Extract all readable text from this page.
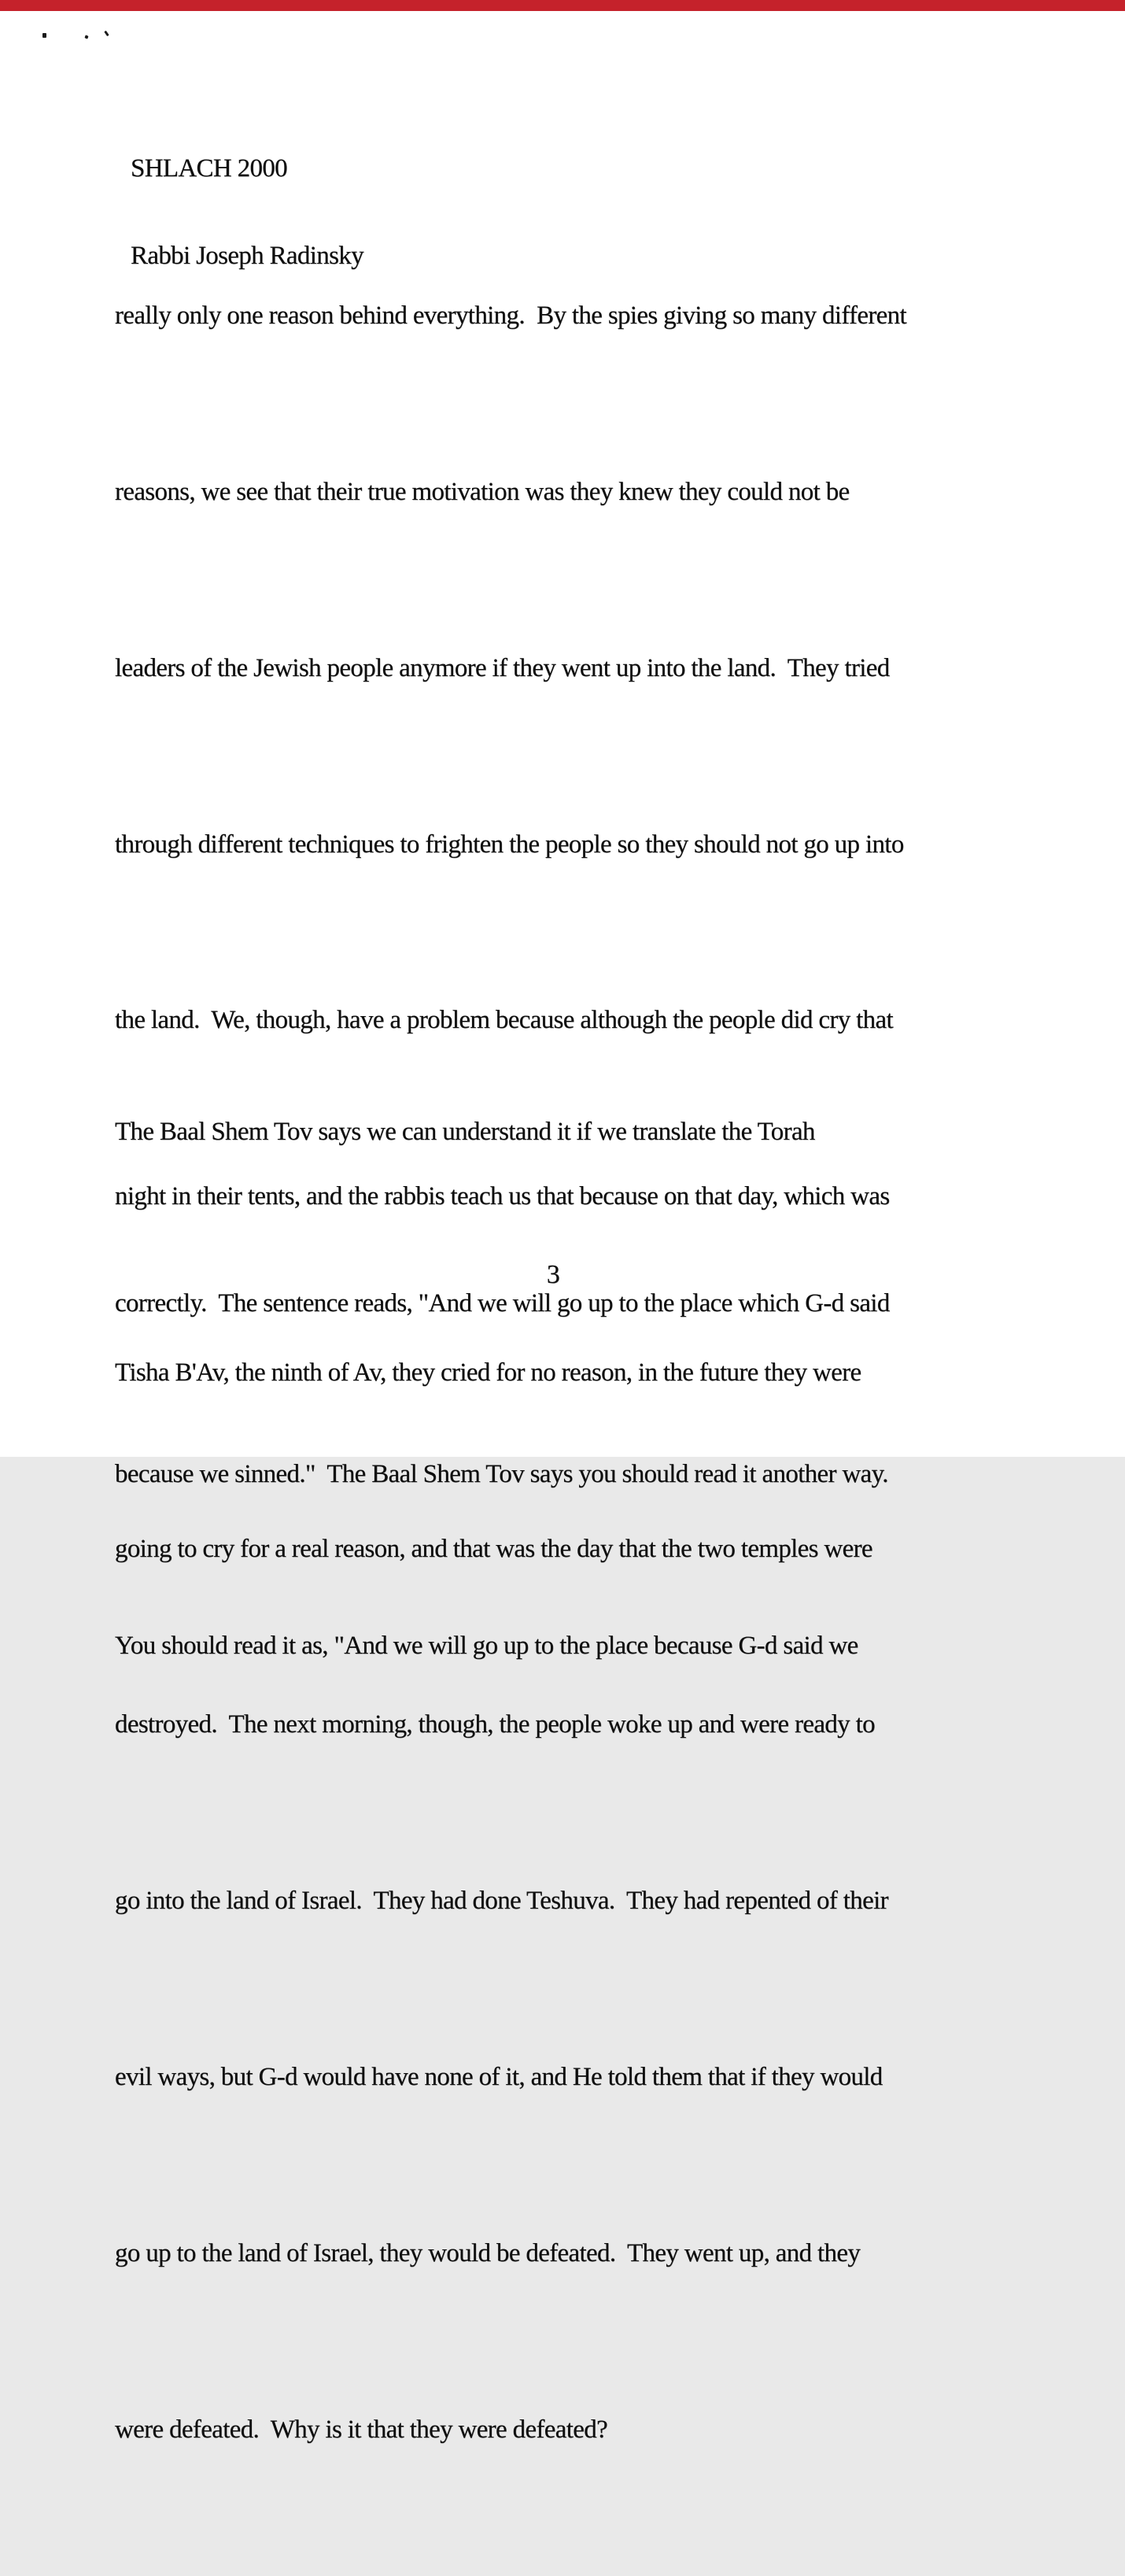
SHLACH 2000

Rabbi Joseph Radinsky

really only one reason behind everything.  By the spies giving so many different

reasons, we see that their true motivation was they knew they could not be

leaders of the Jewish people anymore if they went up into the land.  They tried

through different techniques to frighten the people so they should not go up into

the land.  We, though, have a problem because although the people did cry that

night in their tents, and the rabbis teach us that because on that day, which was

Tisha B'Av, the ninth of Av, they cried for no reason, in the future they were

going to cry for a real reason, and that was the day that the two temples were

destroyed.  The next morning, though, the people woke up and were ready to

go into the land of Israel.  They had done Teshuva.  They had repented of their

evil ways, but G-d would have none of it, and He told them that if they would

go up to the land of Israel, they would be defeated.  They went up, and they

were defeated.  Why is it that they were defeated?

The Baal Shem Tov says we can understand it if we translate the Torah

correctly.  The sentence reads, "And we will go up to the place which G-d said

because we sinned."  The Baal Shem Tov says you should read it another way.

You should read it as, "And we will go up to the place because G-d said we

3
